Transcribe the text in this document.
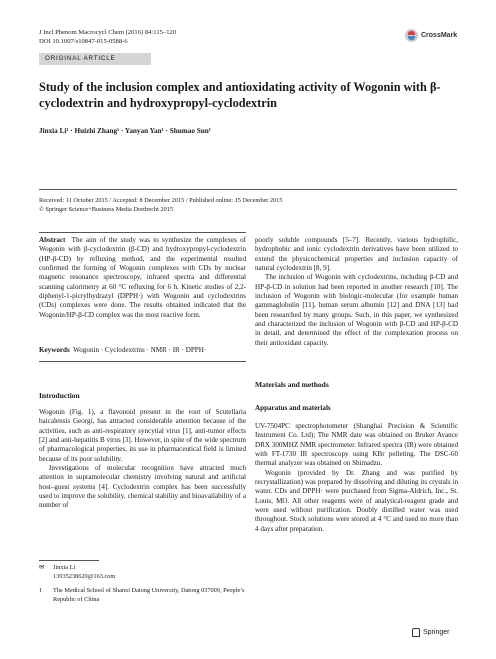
J Incl Phenom Macrocycl Chem (2016) 84:115–120
DOI 10.1007/s10847-015-0588-6
CrossMark
ORIGINAL ARTICLE
Study of the inclusion complex and antioxidating activity of Wogonin with β-cyclodextrin and hydroxypropyl-cyclodextrin
Jinxia Li¹ · Huizhi Zhang¹ · Yanyan Yan¹ · Shumao Sun¹
Received: 11 October 2015 / Accepted: 8 December 2015 / Published online: 15 December 2015
© Springer Science+Business Media Dordrecht 2015

Abstract The aim of the study was to synthesize the complexes of Wogonin with β-cyclodextrin (β-CD) and hydroxypropyl-cyclodextrin (HP-β-CD) by refluxing method, and the experimental resulted confirmed the forming of Wogonin complexes with CDs by nuclear magnetic resonance spectroscopy, infrared spectra and differential scanning calorimetry at 60 °C refluxing for 6 h. Kinetic studies of 2,2-diphenyl-1-picrylhydrazyl (DPPH·) with Wogonin and cyclodextrins (CDs) complexes were done. The results obtained indicated that the Wogonin/HP-β-CD complex was the most reactive form.

Keywords Wogonin · Cyclodextrins · NMR · IR · DPPH·

Introduction

Wogonin (Fig. 1), a flavonoid present in the root of Scutellaria baicalensis Georgi, has attracted considerable attention because of the activities, such as anti-respiratory syncytial virus [1], anti-tumor effects [2] and anti-hepatitis B virus [3]. However, in spite of the wide spectrum of pharmacological properties, its use in pharmaceutical field is limited because of its poor solubility.

Investigations of molecular recognition have attracted much attention in supramolecular chemistry involving natural and artificial host–guest systems [4]. Cyclodextrin complex has been successfully used to improve the solubility, chemical stability and bioavailability of a number of

✉ Jinxia Li
13935238620@163.com
1	The Medical School of Shanxi Datong University, Datong 037009, People’s Republic of China

poorly soluble compounds [5–7]. Recently, various hydrophilic, hydrophobic and ionic cyclodextrin derivatives have been utilized to extend the physicochemical properties and inclusion capacity of natural cyclodextrin [8, 9].

The inclusion of Wogonin with cyclodextrins, including β-CD and HP-β-CD in solution had been reported in another research [10]. The inclusion of Wogonin with biologic-molecular (for example human gammaglobulin [11], human serum albumin [12] and DNA [13] had been researched by many groups. Such, in this paper, we synthesized and characterized the inclusion of Wogonin with β-CD and HP-β-CD in detail, and determined the effect of the complexation process on their antioxidant capacity.

Materials and methods
Apparatus and materials

UV-7504PC spectrophotometer (Shanghai Precision & Scientific Instrument Co. Ltd); The NMR date was obtained on Bruker Avance DRX 300MHZ NMR spectrometer. Infrared spectra (IR) were obtained with FT-1730 IR spectroscopy using KBr pelleting. The DSC-60 thermal analyzer was obtained on Shimadzu.

Wogonin (provided by Dr. Zhang and was purified by recrystallization) was prepared by dissolving and diluting its crystals in water. CDs and DPPH· were purchased from Sigma-Aldrich, Inc., St. Louis, MO. All other reagents were of analytical-reagent grade and were used without purification. Doubly distilled water was used throughout. Stock solutions were stored at 4 °C and used no more than 4 days after preparation.

Springer
